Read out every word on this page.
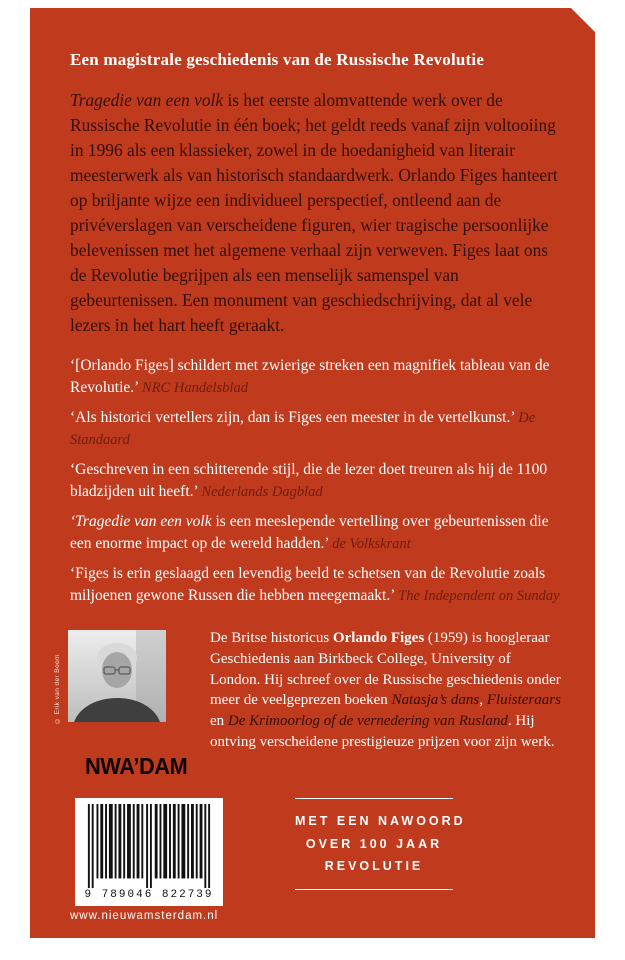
Een magistrale geschiedenis van de Russische Revolutie

Tragedie van een volk is het eerste alomvattende werk over de Russische Revolutie in één boek; het geldt reeds vanaf zijn voltooiing in 1996 als een klassieker, zowel in de hoedanigheid van literair meesterwerk als van historisch standaardwerk. Orlando Figes hanteert op briljante wijze een individueel perspectief, ontleend aan de privéverslagen van verscheidene figuren, wier tragische persoonlijke belevenissen met het algemene verhaal zijn verweven. Figes laat ons de Revolutie begrijpen als een menselijk samenspel van gebeurtenissen. Een monument van geschiedschrijving, dat al vele lezers in het hart heeft geraakt.

‘[Orlando Figes] schildert met zwierige streken een magnifiek tableau van de Revolutie.’ NRC Handelsblad

‘Als historici vertellers zijn, dan is Figes een meester in de vertelkunst.’ De Standaard

‘Geschreven in een schitterende stijl, die de lezer doet treuren als hij de 1100 bladzijden uit heeft.’ Nederlands Dagblad

‘Tragedie van een volk is een meeslepende vertelling over gebeurtenissen die een enorme impact op de wereld hadden.’ de Volkskrant

‘Figes is erin geslaagd een levendig beeld te schetsen van de Revolutie zoals miljoenen gewone Russen die hebben meegemaakt.’ The Independent on Sunday

© Erik van der Boom

De Britse historicus Orlando Figes (1959) is hoogleraar Geschiedenis aan Birkbeck College, University of London. Hij schreef over de Russische geschiedenis onder meer de veelgeprezen boeken Natasja’s dans, Fluisteraars en De Krimoorlog of de vernedering van Rusland. Hij ontving verscheidene prestigieuze prijzen voor zijn werk.

NWA’DAM

9 789046 822739
MET EEN NAWOORD
OVER 100 JAAR
REVOLUTIE

www.nieuwamsterdam.nl
